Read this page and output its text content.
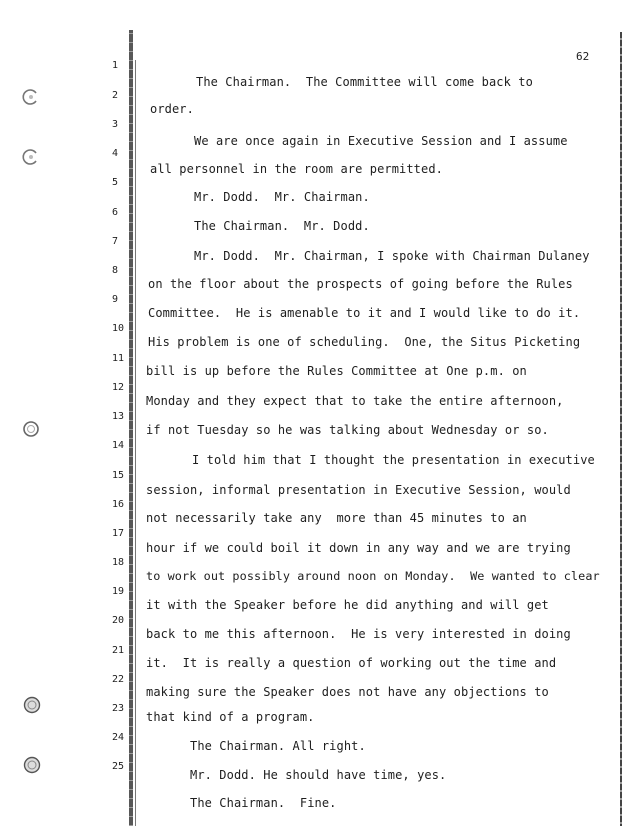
62
1
2
3
4
5
6
7
8
9
10
11
12
13
14
15
16
17
18
19
20
21
22
23
24
25
The Chairman.  The Committee will come back to
order.
We are once again in Executive Session and I assume
all personnel in the room are permitted.
Mr. Dodd.  Mr. Chairman.
The Chairman.  Mr. Dodd.
Mr. Dodd.  Mr. Chairman, I spoke with Chairman Dulaney
on the floor about the prospects of going before the Rules
Committee.  He is amenable to it and I would like to do it.
His problem is one of scheduling.  One, the Situs Picketing
bill is up before the Rules Committee at One p.m. on
Monday and they expect that to take the entire afternoon,
if not Tuesday so he was talking about Wednesday or so.
I told him that I thought the presentation in executive
session, informal presentation in Executive Session, would
not necessarily take any  more than 45 minutes to an
hour if we could boil it down in any way and we are trying
to work out possibly around noon on Monday.  We wanted to clear
it with the Speaker before he did anything and will get
back to me this afternoon.  He is very interested in doing
it.  It is really a question of working out the time and
making sure the Speaker does not have any objections to
that kind of a program.
The Chairman. All right.
Mr. Dodd. He should have time, yes.
The Chairman.  Fine.
